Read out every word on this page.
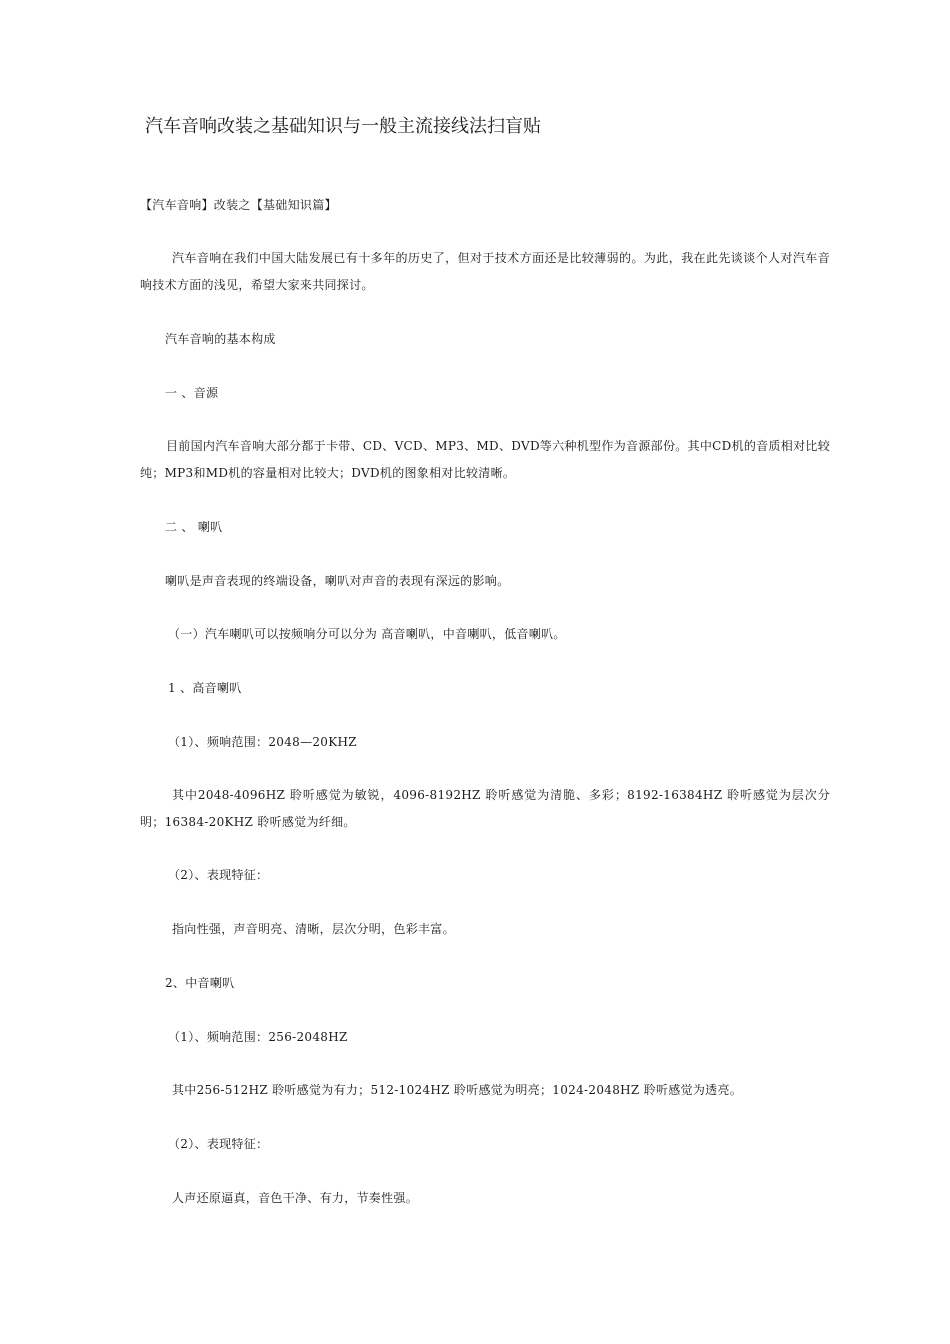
汽车音响改装之基础知识与一般主流接线法扫盲贴
【汽车音响】改装之【基础知识篇】
汽车音响在我们中国大陆发展已有十多年的历史了，但对于技术方面还是比较薄弱的。为此，我在此先谈谈个人对汽车音响技术方面的浅见，希望大家来共同探讨。
汽车音响的基本构成
一 、音源
目前国内汽车音响大部分都于卡带、CD、VCD、MP3、MD、DVD等六种机型作为音源部份。其中CD机的音质相对比较纯；MP3和MD机的容量相对比较大；DVD机的图象相对比较清晰。
二 、 喇叭
喇叭是声音表现的终端设备，喇叭对声音的表现有深远的影响。
（一）汽车喇叭可以按频响分可以分为 高音喇叭，中音喇叭，低音喇叭。
1 、高音喇叭
（1）、频响范围：2048—20KHZ
其中2048-4096HZ 聆听感觉为敏锐，4096-8192HZ 聆听感觉为清脆、多彩；8192-16384HZ 聆听感觉为层次分明；16384-20KHZ 聆听感觉为纤细。
（2）、表现特征：
指向性强，声音明亮、清晰，层次分明，色彩丰富。
2、中音喇叭
（1）、频响范围：256-2048HZ
其中256-512HZ 聆听感觉为有力；512-1024HZ 聆听感觉为明亮；1024-2048HZ 聆听感觉为透亮。
（2）、表现特征：
人声还原逼真，音色干净、有力，节奏性强。
